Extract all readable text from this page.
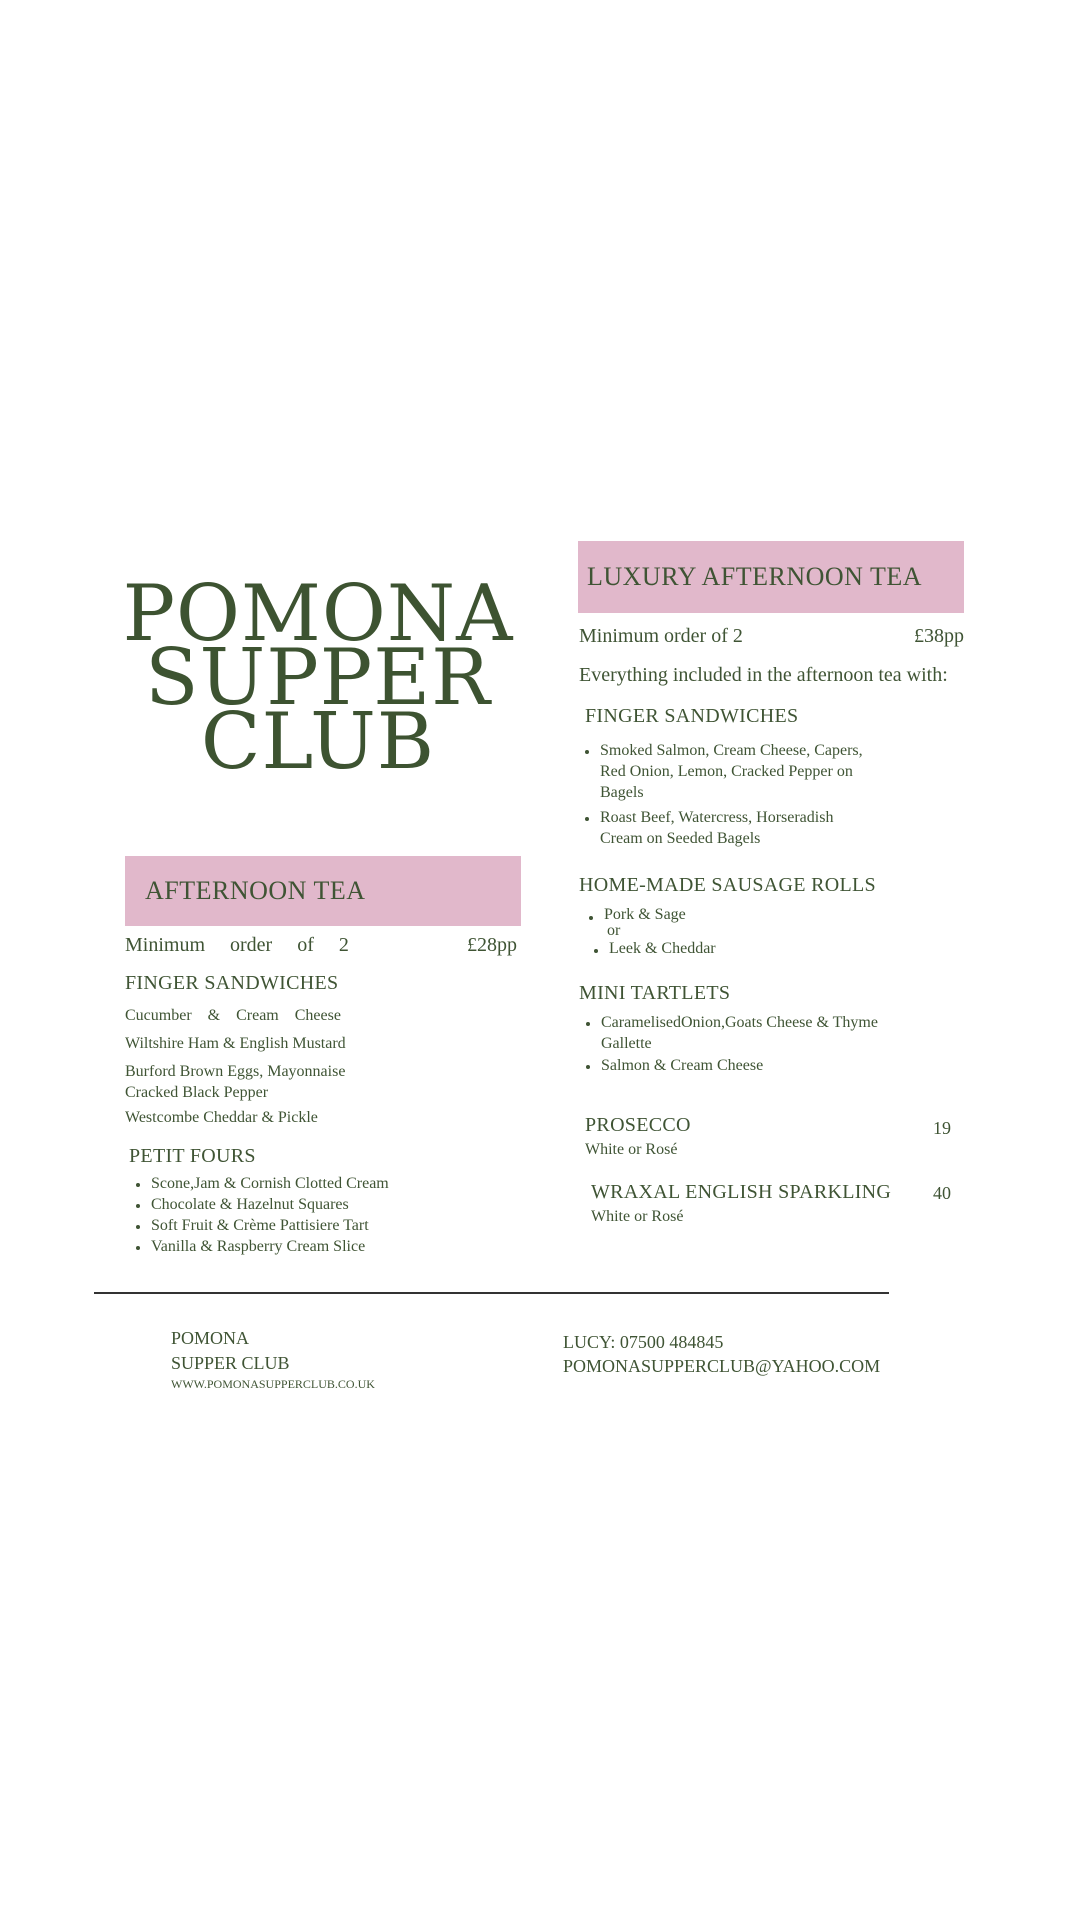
POMONA
SUPPER
CLUB
AFTERNOON TEA
Minimum order of 2	£28pp
FINGER SANDWICHES
Cucumber & Cream Cheese
Wiltshire Ham & English Mustard
Burford Brown Eggs, Mayonnaise Cracked Black Pepper
Westcombe Cheddar & Pickle
PETIT FOURS
Scone,Jam & Cornish Clotted Cream
Chocolate & Hazelnut Squares
Soft Fruit & Crème Pattisiere Tart
Vanilla & Raspberry Cream Slice
LUXURY AFTERNOON TEA
Minimum order of 2	£38pp
Everything included in the afternoon tea with:
FINGER SANDWICHES
Smoked Salmon, Cream Cheese, Capers, Red Onion, Lemon, Cracked Pepper on Bagels
Roast Beef, Watercress, Horseradish Cream on Seeded Bagels
HOME-MADE SAUSAGE ROLLS
Pork & Sage
or
Leek & Cheddar
MINI TARTLETS
CaramelisedOnion,Goats Cheese & Thyme Gallette
Salmon & Cream Cheese
PROSECCO
White or Rosé
19
WRAXAL ENGLISH SPARKLING
White or Rosé
40
POMONA
SUPPER CLUB
WWW.POMONASUPPERCLUB.CO.UK
LUCY: 07500 484845
POMONASUPPERCLUB@YAHOO.COM
